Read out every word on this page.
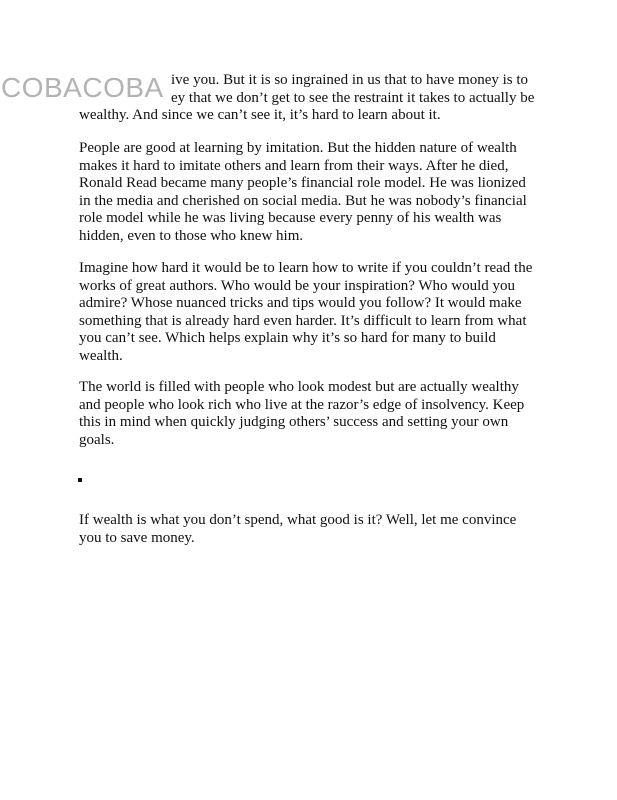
COBACOBA ive you. But it is so ingrained in us that to have money is to
ey that we don’t get to see the restraint it takes to actually be
wealthy. And since we can’t see it, it’s hard to learn about it.
People are good at learning by imitation. But the hidden nature of wealth
makes it hard to imitate others and learn from their ways. After he died,
Ronald Read became many people’s financial role model. He was lionized
in the media and cherished on social media. But he was nobody’s financial
role model while he was living because every penny of his wealth was
hidden, even to those who knew him.
Imagine how hard it would be to learn how to write if you couldn’t read the
works of great authors. Who would be your inspiration? Who would you
admire? Whose nuanced tricks and tips would you follow? It would make
something that is already hard even harder. It’s difficult to learn from what
you can’t see. Which helps explain why it’s so hard for many to build
wealth.
The world is filled with people who look modest but are actually wealthy
and people who look rich who live at the razor’s edge of insolvency. Keep
this in mind when quickly judging others’ success and setting your own
goals.
If wealth is what you don’t spend, what good is it? Well, let me convince
you to save money.
